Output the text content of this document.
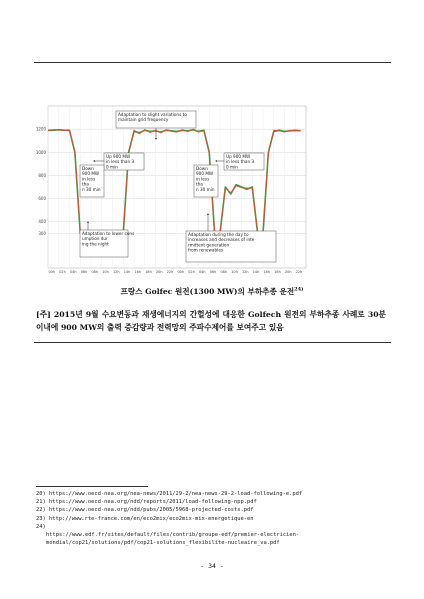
1200
1000
800
600
400
300
00h 02h 04h 06h 08h 10h 12h 14h 16h 18h 20h 22h 00h 02h 04h 06h 08h 10h 12h 14h 16h 18h 20h 22h
Adaptation to slight variations to maintain grid frequency
Up 900 MW in less than 3 0 min
Down 900 MW in less tha n 30 min
Adaptation to lower cons umption dur ing the night
Down 900 MW in less tha n 30 min
Up 900 MW in less than 3 0 min
Adaptation during the day to increases and decreases of inte rmittent generation from renewables
프랑스 Golfec 원전(1300 MW)의 부하추종 운전$^{24)}$
[주] 2015년 9월 수요변동과 재생에너지의 간헐성에 대응한 Golfech 원전의 부하추종 사례로 30분 이내에 900 MW의 출력 증감량과 전력망의 주파수제어를 보여주고 있음
20) https://www.oecd-nea.org/nea-news/2011/29-2/nea-news-29-2-load-following-e.pdf
21) https://www.oecd-nea.org/ndd/reports/2011/load-following-npp.pdf
22) https://www.oecd-nea.org/ndd/pubs/2005/5968-projected-costs.pdf
23) http://www.rte-france.com/en/eco2mix/eco2mix-mix-energetique-en
24)
https://www.edf.fr/sites/default/files/contrib/groupe-edf/premier-electricien-mondial/cop21/solutions/pdf/cop21-solutions_flexibilite-nucleaire_va.pdf
- 34 -
